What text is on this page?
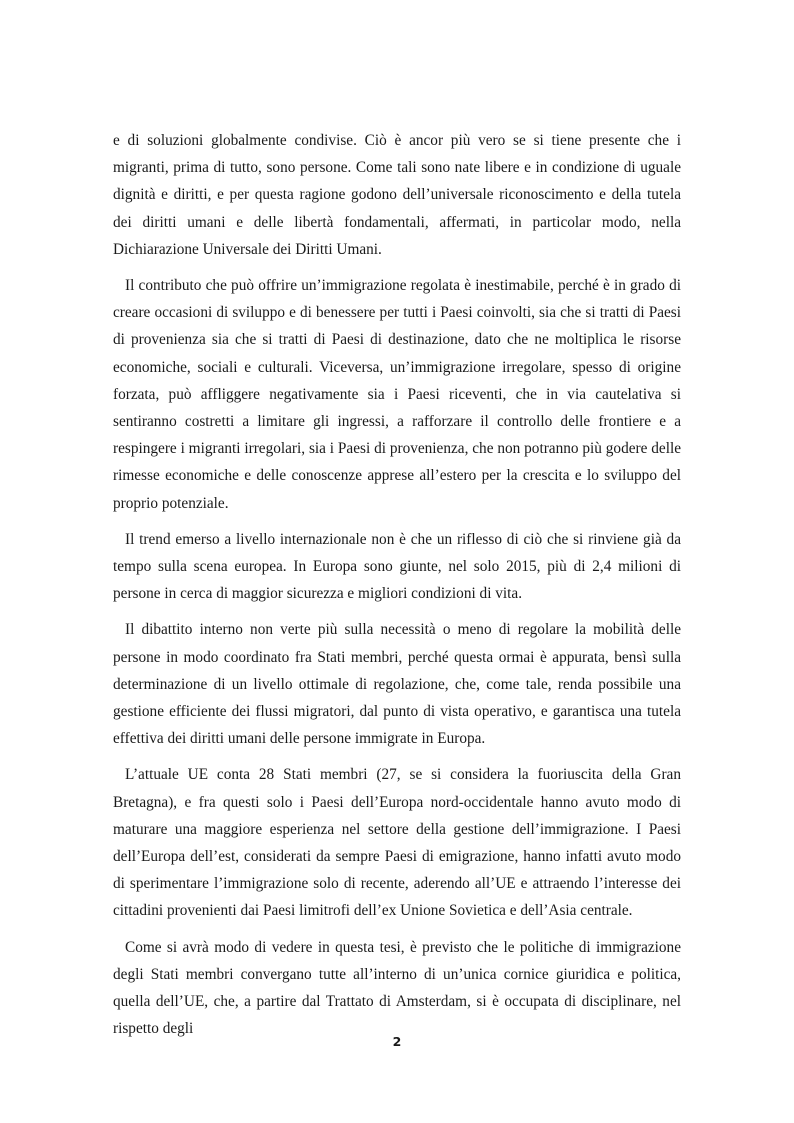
e di soluzioni globalmente condivise. Ciò è ancor più vero se si tiene presente che i migranti, prima di tutto, sono persone. Come tali sono nate libere e in condizione di uguale dignità e diritti, e per questa ragione godono dell’universale riconoscimento e della tutela dei diritti umani e delle libertà fondamentali, affermati, in particolar modo, nella Dichiarazione Universale dei Diritti Umani.

Il contributo che può offrire un’immigrazione regolata è inestimabile, perché è in grado di creare occasioni di sviluppo e di benessere per tutti i Paesi coinvolti, sia che si tratti di Paesi di provenienza sia che si tratti di Paesi di destinazione, dato che ne moltiplica le risorse economiche, sociali e culturali. Viceversa, un’immigrazione irregolare, spesso di origine forzata, può affliggere negativamente sia i Paesi riceventi, che in via cautelativa si sentiranno costretti a limitare gli ingressi, a rafforzare il controllo delle frontiere e a respingere i migranti irregolari, sia i Paesi di provenienza, che non potranno più godere delle rimesse economiche e delle conoscenze apprese all’estero per la crescita e lo sviluppo del proprio potenziale.

Il trend emerso a livello internazionale non è che un riflesso di ciò che si rinviene già da tempo sulla scena europea. In Europa sono giunte, nel solo 2015, più di 2,4 milioni di persone in cerca di maggior sicurezza e migliori condizioni di vita.

Il dibattito interno non verte più sulla necessità o meno di regolare la mobilità delle persone in modo coordinato fra Stati membri, perché questa ormai è appurata, bensì sulla determinazione di un livello ottimale di regolazione, che, come tale, renda possibile una gestione efficiente dei flussi migratori, dal punto di vista operativo, e garantisca una tutela effettiva dei diritti umani delle persone immigrate in Europa.

L’attuale UE conta 28 Stati membri (27, se si considera la fuoriuscita della Gran Bretagna), e fra questi solo i Paesi dell’Europa nord-occidentale hanno avuto modo di maturare una maggiore esperienza nel settore della gestione dell’immigrazione. I Paesi dell’Europa dell’est, considerati da sempre Paesi di emigrazione, hanno infatti avuto modo di sperimentare l’immigrazione solo di recente, aderendo all’UE e attraendo l’interesse dei cittadini provenienti dai Paesi limitrofi dell’ex Unione Sovietica e dell’Asia centrale.

Come si avrà modo di vedere in questa tesi, è previsto che le politiche di immigrazione degli Stati membri convergano tutte all’interno di un’unica cornice giuridica e politica, quella dell’UE, che, a partire dal Trattato di Amsterdam, si è occupata di disciplinare, nel rispetto degli

2
